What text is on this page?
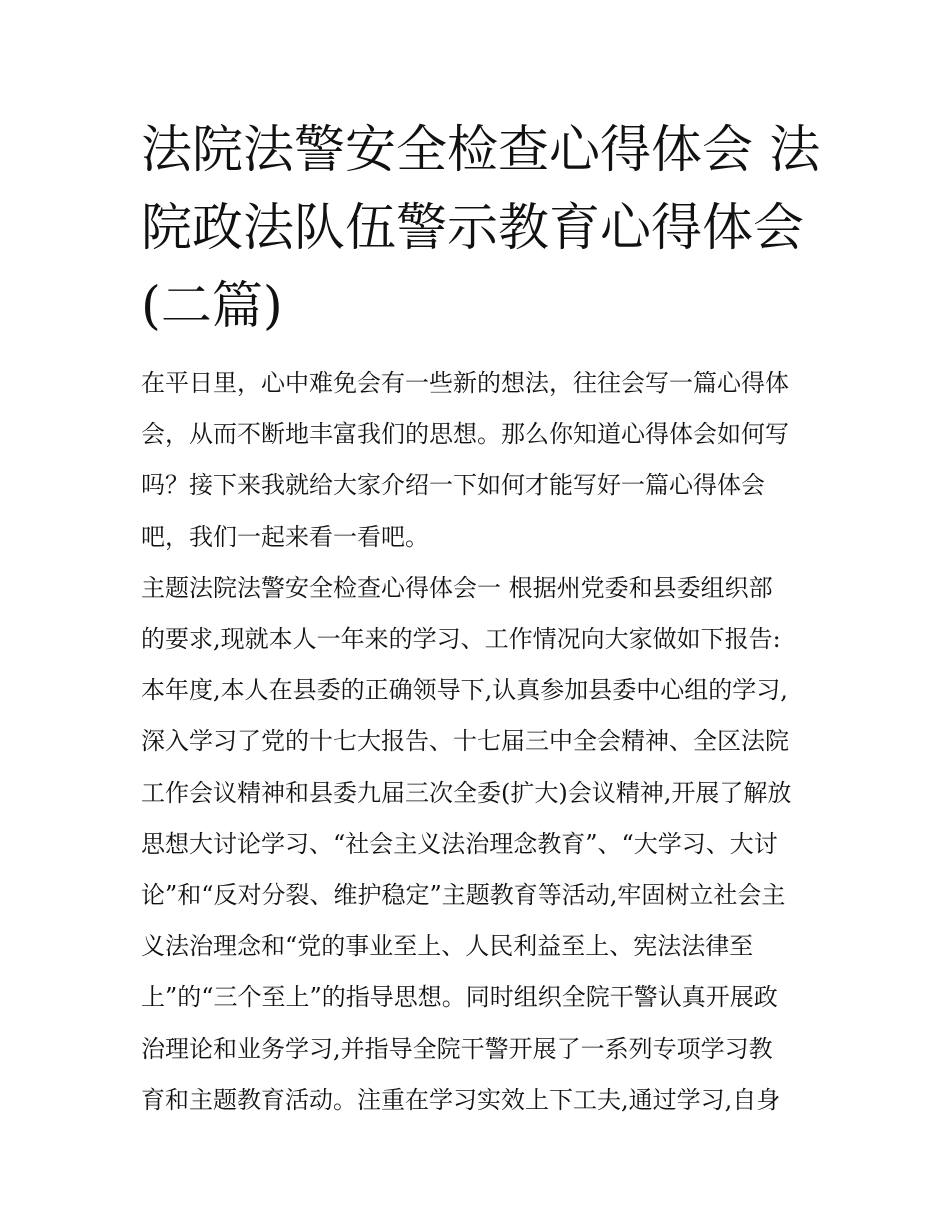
法院法警安全检查心得体会 法
院政法队伍警示教育心得体会
(二篇)
在平日里，心中难免会有一些新的想法，往往会写一篇心得体
会，从而不断地丰富我们的思想。那么你知道心得体会如何写
吗？接下来我就给大家介绍一下如何才能写好一篇心得体会
吧，我们一起来看一看吧。
主题法院法警安全检查心得体会一 根据州党委和县委组织部
的要求,现就本人一年来的学习、工作情况向大家做如下报告:
本年度,本人在县委的正确领导下,认真参加县委中心组的学习,
深入学习了党的十七大报告、十七届三中全会精神、全区法院
工作会议精神和县委九届三次全委(扩大)会议精神,开展了解放
思想大讨论学习、“社会主义法治理念教育”、“大学习、大讨
论”和“反对分裂、维护稳定”主题教育等活动,牢固树立社会主
义法治理念和“党的事业至上、人民利益至上、宪法法律至
上”的“三个至上”的指导思想。同时组织全院干警认真开展政
治理论和业务学习,并指导全院干警开展了一系列专项学习教
育和主题教育活动。注重在学习实效上下工夫,通过学习,自身
